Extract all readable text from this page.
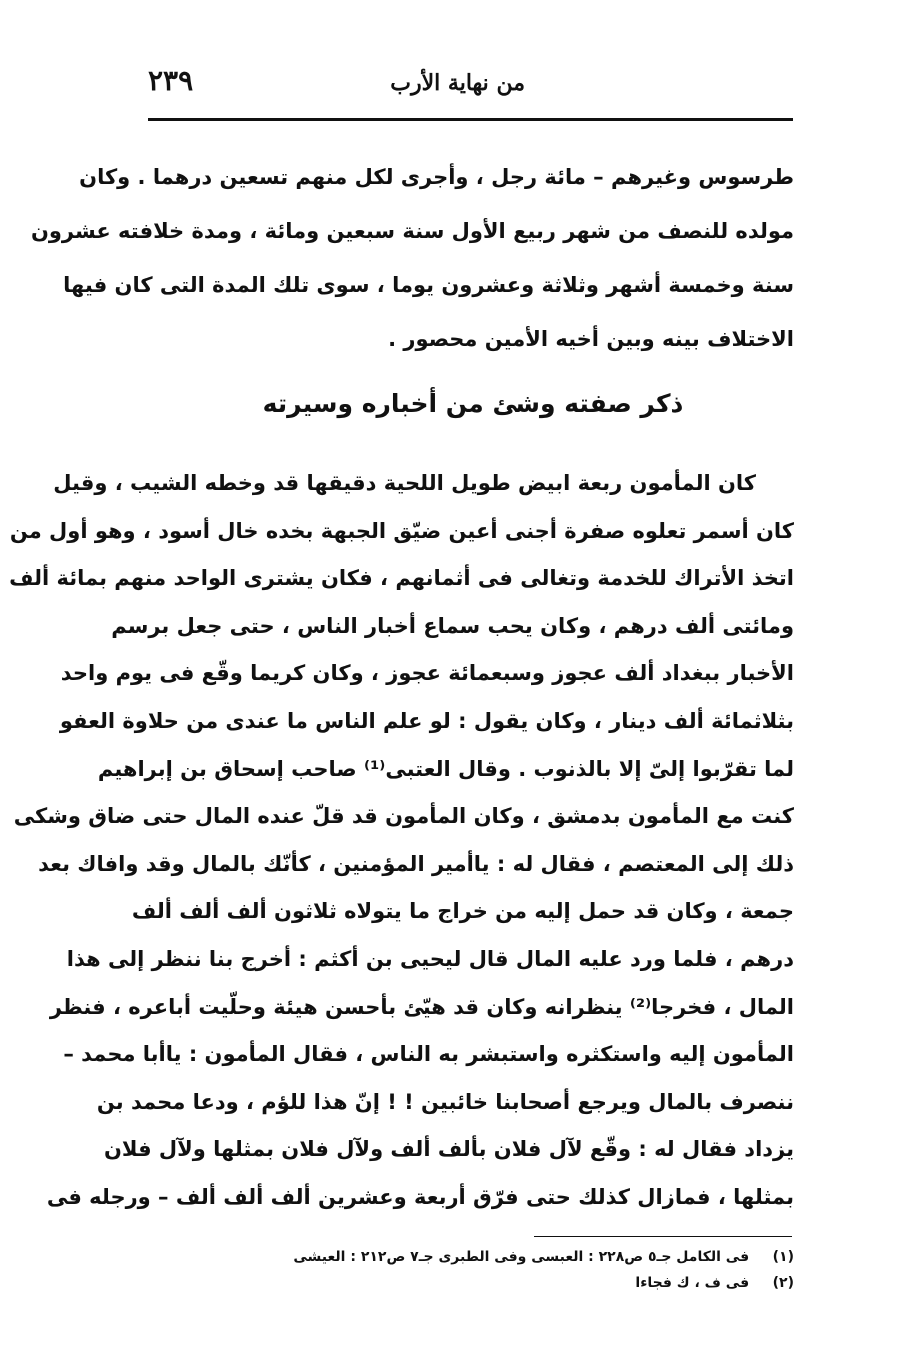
من نهاية الأرب
٢٣٩
طرسوس وغيرهم – مائة رجل ، وأجرى لكل منهم تسعين درهما . وكان
مولده للنصف من شهر ربيع الأول سنة سبعين ومائة ، ومدة خلافته عشرون
سنة وخمسة أشهر وثلاثة وعشرون يوما ، سوى تلك المدة التى كان فيها
الاختلاف بينه وبين أخيه الأمين محصور .
ذكر صفته وشئ من أخباره وسيرته
كان المأمون ربعة ابيض طويل اللحية دقيقها قد وخطه الشيب ، وقيل
كان أسمر تعلوه صفرة أجنى أعين ضيّق الجبهة بخده خال أسود ، وهو أول من
اتخذ الأتراك للخدمة وتغالى فى أثمانهم ، فكان يشترى الواحد منهم بمائة ألف
ومائتى ألف درهم ، وكان يحب سماع أخبار الناس ، حتى جعل برسم
الأخبار ببغداد ألف عجوز وسبعمائة عجوز ، وكان كريما وقّع فى يوم واحد
بثلاثمائة ألف دينار ، وكان يقول : لو علم الناس ما عندى من حلاوة العفو
لما تقرّبوا إلىّ إلا بالذنوب . وقال العتبى⁽¹⁾ صاحب إسحاق بن إبراهيم
كنت مع المأمون بدمشق ، وكان المأمون قد قلّ عنده المال حتى ضاق وشكى
ذلك إلى المعتصم ، فقال له : ياأمير المؤمنين ، كأنّك بالمال وقد وافاك بعد
جمعة ، وكان قد حمل إليه من خراج ما يتولاه ثلاثون ألف ألف ألف
درهم ، فلما ورد عليه المال قال ليحيى بن أكثم : أخرج بنا ننظر إلى هذا
المال ، فخرجا⁽²⁾ ينظرانه وكان قد هيّئ بأحسن هيئة وحلّيت أباعره ، فنظر
المأمون إليه واستكثره واستبشر به الناس ، فقال المأمون : ياأبا محمد –
ننصرف بالمال ويرجع أصحابنا خائبين ! ! إنّ هذا للؤم ، ودعا محمد بن
يزداد فقال له : وقّع لآل فلان بألف ألف ولآل فلان بمثلها ولآل فلان
بمثلها ، فمازال كذلك حتى فرّق أربعة وعشرين ألف ألف ألف – ورجله فى
(١) فى الكامل جـ٥ ص٢٢٨ : العبسى وفى الطبرى جـ٧ ص٢١٢ : العيشى
(٢) فى ف ، ك فجاءا
